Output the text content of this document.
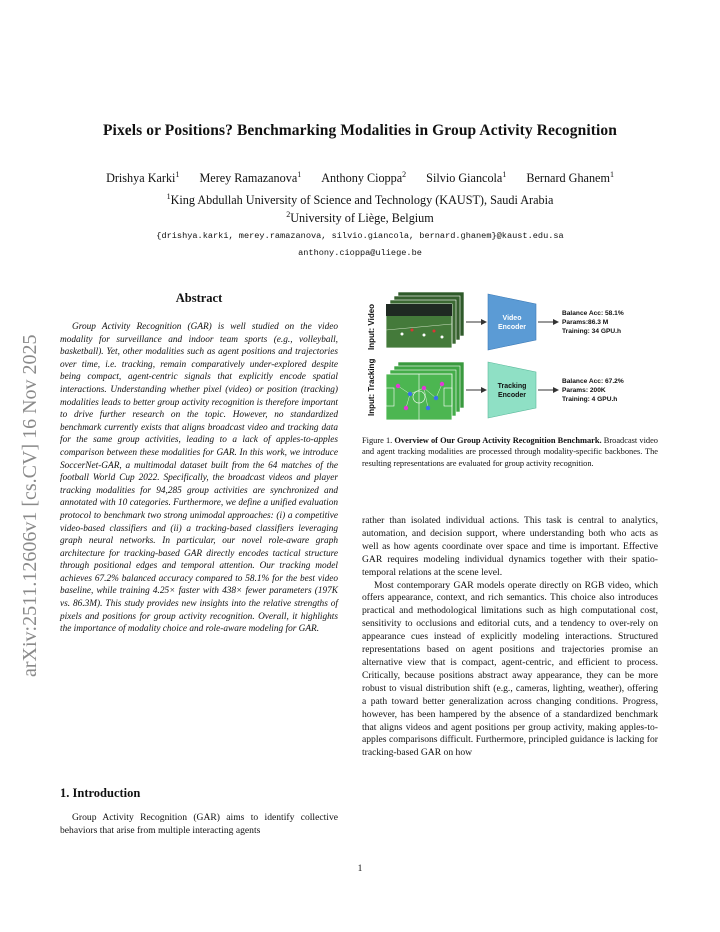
arXiv:2511.12606v1 [cs.CV] 16 Nov 2025
Pixels or Positions? Benchmarking Modalities in Group Activity Recognition
Drishya Karki$^1$ Merey Ramazanova$^1$ Anthony Cioppa$^2$ Silvio Giancola$^1$ Bernard Ghanem$^1$
$^1$King Abdullah University of Science and Technology (KAUST), Saudi Arabia
$^2$University of Liège, Belgium
{drishya.karki, merey.ramazanova, silvio.giancola, bernard.ghanem}@kaust.edu.sa
anthony.cioppa@uliege.be
Abstract
Group Activity Recognition (GAR) is well studied on the video modality for surveillance and indoor team sports (e.g., volleyball, basketball). Yet, other modalities such as agent positions and trajectories over time, i.e. tracking, remain comparatively under-explored despite being compact, agent-centric signals that explicitly encode spatial interactions. Understanding whether pixel (video) or position (tracking) modalities leads to better group activity recognition is therefore important to drive further research on the topic. However, no standardized benchmark currently exists that aligns broadcast video and tracking data for the same group activities, leading to a lack of apples-to-apples comparison between these modalities for GAR. In this work, we introduce SoccerNet-GAR, a multimodal dataset built from the 64 matches of the football World Cup 2022. Specifically, the broadcast videos and player tracking modalities for 94,285 group activities are synchronized and annotated with 10 categories. Furthermore, we define a unified evaluation protocol to benchmark two strong unimodal approaches: (i) a competitive video-based classifiers and (ii) a tracking-based classifiers leveraging graph neural networks. In particular, our novel role-aware graph architecture for tracking-based GAR directly encodes tactical structure through positional edges and temporal attention. Our tracking model achieves 67.2% balanced accuracy compared to 58.1% for the best video baseline, while training 4.25× faster with 438× fewer parameters (197K vs. 86.3M). This study provides new insights into the relative strengths of pixels and positions for group activity recognition. Overall, it highlights the importance of modality choice and role-aware modeling for GAR.
1. Introduction
Group Activity Recognition (GAR) aims to identify collective behaviors that arise from multiple interacting agents
Input: Video
Input: Tracking
Video
Encoder
Tracking
Encoder
Balance Acc: 58.1%
Params:86.3 M
Training: 34 GPU.h
Balance Acc: 67.2%
Params: 200K
Training: 4 GPU.h
Figure 1. Overview of Our Group Activity Recognition Benchmark. Broadcast video and agent tracking modalities are processed through modality-specific backbones. The resulting representations are evaluated for group activity recognition.

rather than isolated individual actions. This task is central to analytics, automation, and decision support, where understanding both who acts as well as how agents coordinate over space and time is important. Effective GAR requires modeling individual dynamics together with their spatio-temporal relations at the scene level.

Most contemporary GAR models operate directly on RGB video, which offers appearance, context, and rich semantics. This choice also introduces practical and methodological limitations such as high computational cost, sensitivity to occlusions and editorial cuts, and a tendency to over-rely on appearance cues instead of explicitly modeling interactions. Structured representations based on agent positions and trajectories promise an alternative view that is compact, agent-centric, and efficient to process. Critically, because positions abstract away appearance, they can be more robust to visual distribution shift (e.g., cameras, lighting, weather), offering a path toward better generalization across changing conditions. Progress, however, has been hampered by the absence of a standardized benchmark that aligns videos and agent positions per group activity, making apples-to-apples comparisons difficult. Furthermore, principled guidance is lacking for tracking-based GAR on how

1
